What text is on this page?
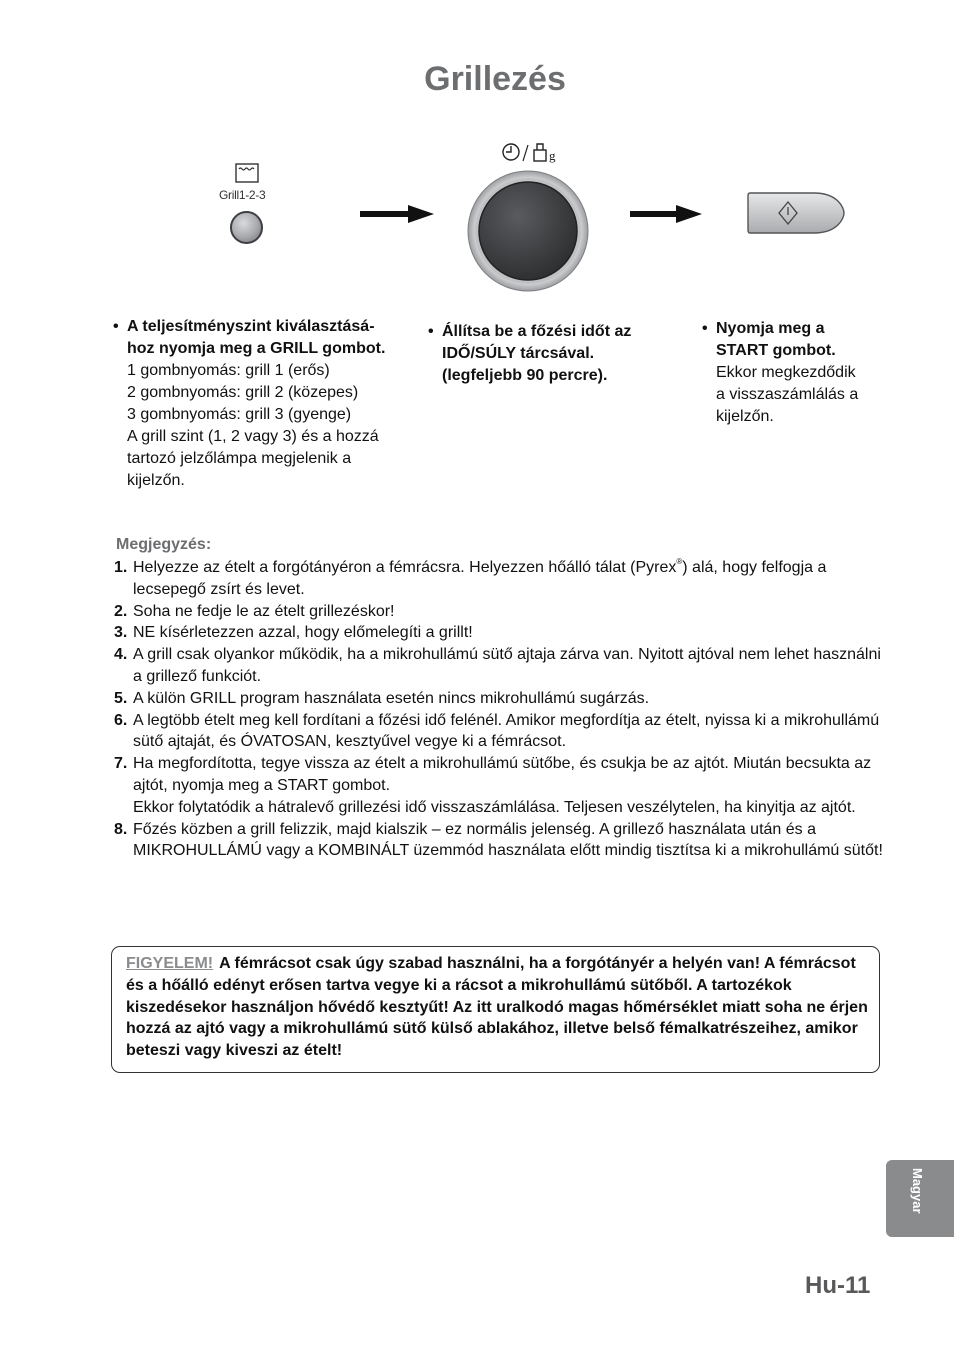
Grillezés
Grill1-2-3
g
• A teljesítményszint kiválasztásá-
hoz nyomja meg a GRILL gombot.
1 gombnyomás: grill 1 (erős)
2 gombnyomás: grill 2 (közepes)
3 gombnyomás: grill 3 (gyenge)
A grill szint (1, 2 vagy 3) és a hozzá
tartozó jelzőlámpa megjelenik a
kijelzőn.
• Állítsa be a főzési időt az
IDŐ/SÚLY tárcsával.
(legfeljebb 90 percre).
• Nyomja meg a
START gombot.
Ekkor megkezdődik
a visszaszámlálás a
kijelzőn.
Megjegyzés:
1. Helyezze az ételt a forgótányéron a fémrácsra. Helyezzen hőálló tálat (Pyrex®) alá, hogy felfogja a lecsepegő zsírt és levet.
2. Soha ne fedje le az ételt grillezéskor!
3. NE kísérletezzen azzal, hogy előmelegíti a grillt!
4. A grill csak olyankor működik, ha a mikrohullámú sütő ajtaja zárva van. Nyitott ajtóval nem lehet használni a grillező funkciót.
5. A külön GRILL program használata esetén nincs mikrohullámú sugárzás.
6. A legtöbb ételt meg kell fordítani a főzési idő felénél. Amikor megfordítja az ételt, nyissa ki a mikrohullámú sütő ajtaját, és ÓVATOSAN, kesztyűvel vegye ki a fémrácsot.
7. Ha megfordította, tegye vissza az ételt a mikrohullámú sütőbe, és csukja be az ajtót. Miután becsukta az ajtót, nyomja meg a START gombot.
Ekkor folytatódik a hátralevő grillezési idő visszaszámlálása. Teljesen veszélytelen, ha kinyitja az ajtót.
8. Főzés közben a grill felizzik, majd kialszik – ez normális jelenség. A grillező használata után és a MIKROHULLÁMÚ vagy a KOMBINÁLT üzemmód használata előtt mindig tisztítsa ki a mikrohullámú sütőt!
FIGYELEM! A fémrácsot csak úgy szabad használni, ha a forgótányér a helyén van! A fémrácsot és a hőálló edényt erősen tartva vegye ki a rácsot a mikrohullámú sütőből. A tartozékok kiszedésekor használjon hővédő kesztyűt! Az itt uralkodó magas hőmérséklet miatt soha ne érjen hozzá az ajtó vagy a mikrohullámú sütő külső ablakához, illetve belső fémalkatrészeihez, amikor beteszi vagy kiveszi az ételt!
Magyar
Hu-11
